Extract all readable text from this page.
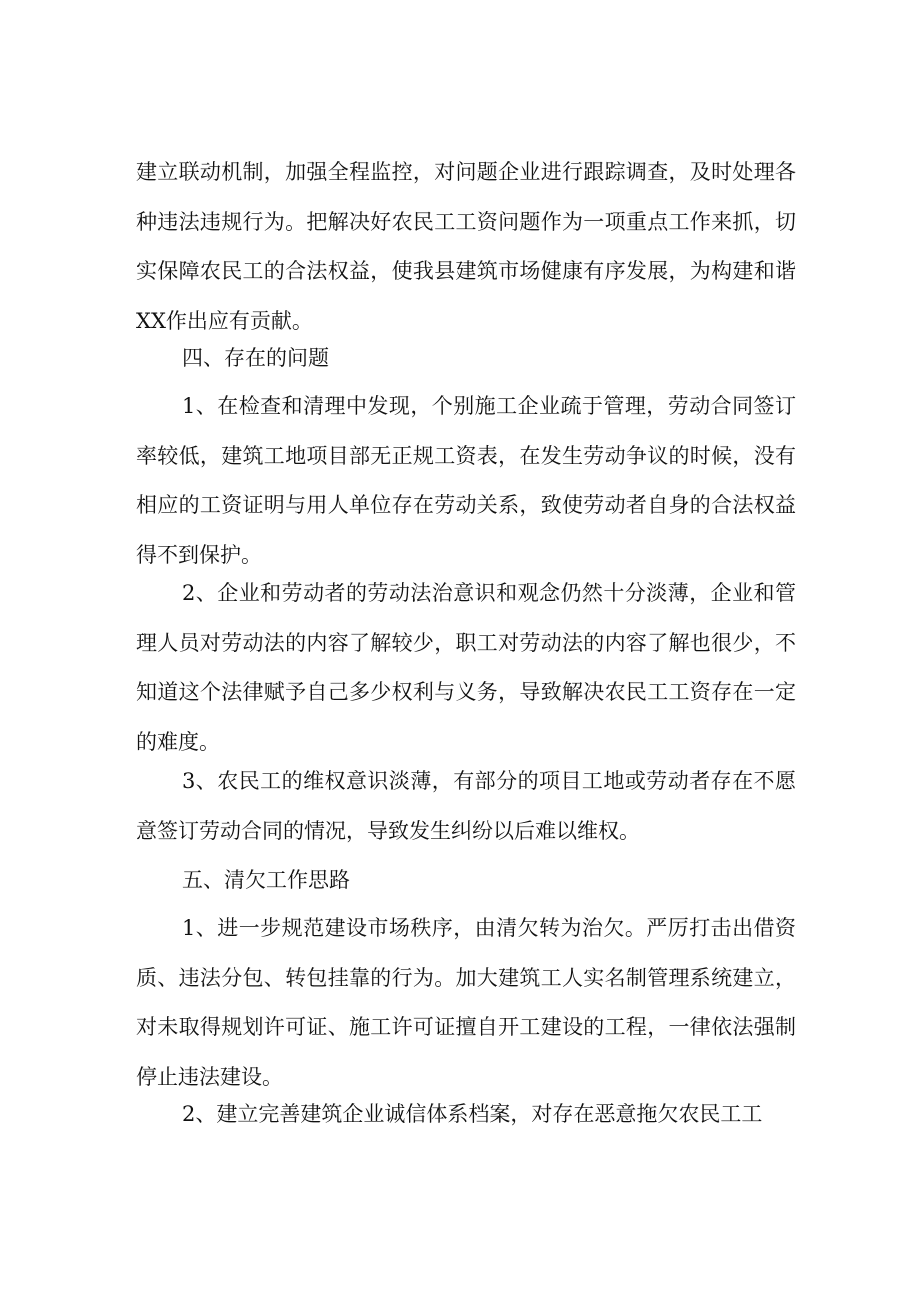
建立联动机制，加强全程监控，对问题企业进行跟踪调查，及时处理各种违法违规行为。把解决好农民工工资问题作为一项重点工作来抓，切实保障农民工的合法权益，使我县建筑市场健康有序发展，为构建和谐XX作出应有贡献。

四、存在的问题

1、在检查和清理中发现，个别施工企业疏于管理，劳动合同签订率较低，建筑工地项目部无正规工资表，在发生劳动争议的时候，没有相应的工资证明与用人单位存在劳动关系，致使劳动者自身的合法权益得不到保护。

2、企业和劳动者的劳动法治意识和观念仍然十分淡薄，企业和管理人员对劳动法的内容了解较少，职工对劳动法的内容了解也很少，不知道这个法律赋予自己多少权利与义务，导致解决农民工工资存在一定的难度。

3、农民工的维权意识淡薄，有部分的项目工地或劳动者存在不愿意签订劳动合同的情况，导致发生纠纷以后难以维权。

五、清欠工作思路

1、进一步规范建设市场秩序，由清欠转为治欠。严厉打击出借资质、违法分包、转包挂靠的行为。加大建筑工人实名制管理系统建立，对未取得规划许可证、施工许可证擅自开工建设的工程，一律依法强制停止违法建设。

2、建立完善建筑企业诚信体系档案，对存在恶意拖欠农民工工
